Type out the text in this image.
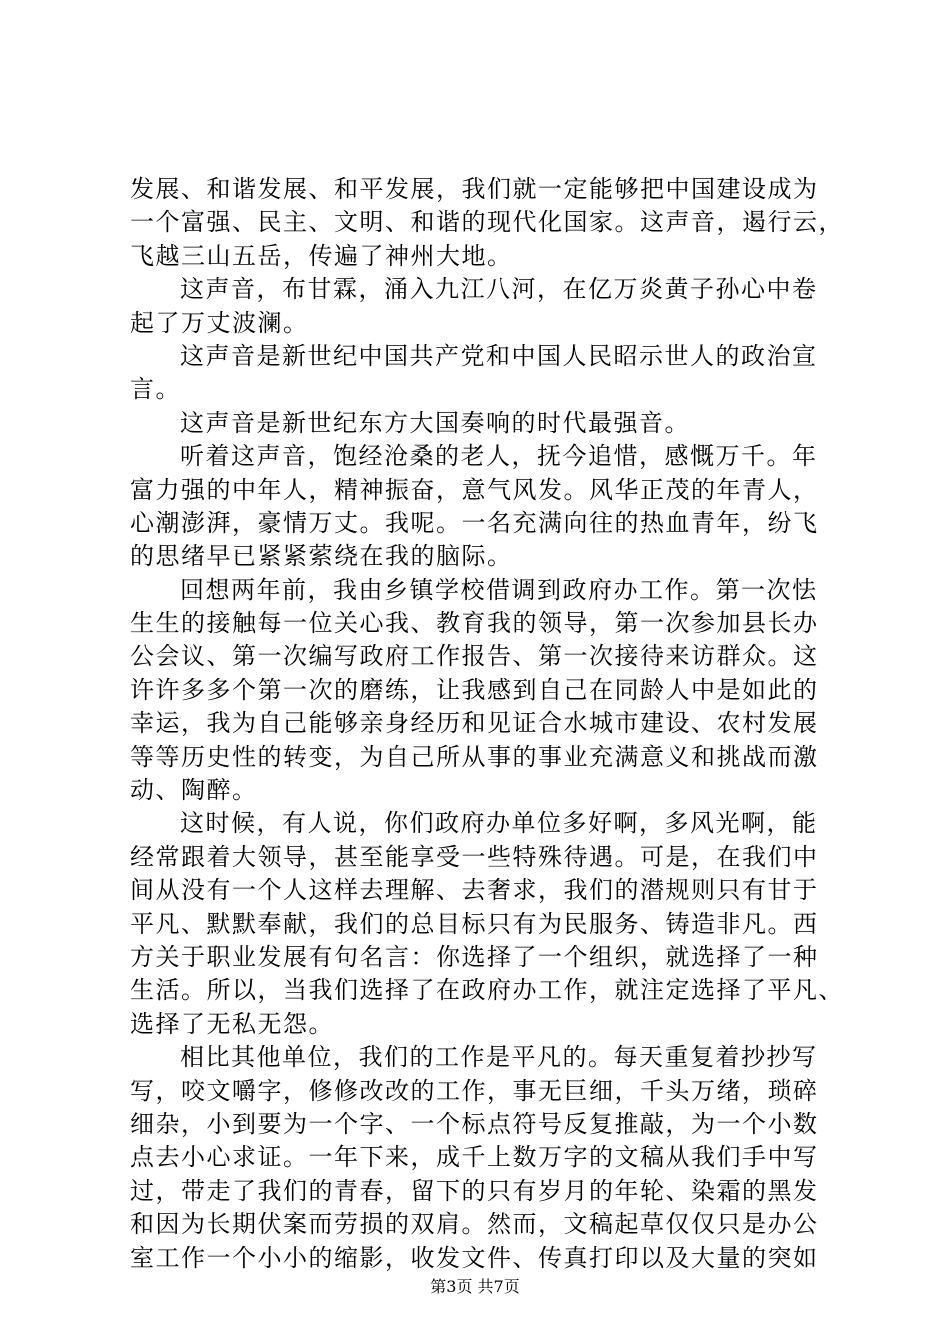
发展、和谐发展、和平发展，我们就一定能够把中国建设成为
一个富强、民主、文明、和谐的现代化国家。这声音，遏行云，
飞越三山五岳，传遍了神州大地。
这声音，布甘霖，涌入九江八河，在亿万炎黄子孙心中卷
起了万丈波澜。
这声音是新世纪中国共产党和中国人民昭示世人的政治宣
言。
这声音是新世纪东方大国奏响的时代最强音。
听着这声音，饱经沧桑的老人，抚今追惜，感慨万千。年
富力强的中年人，精神振奋，意气风发。风华正茂的年青人，
心潮澎湃，豪情万丈。我呢。一名充满向往的热血青年，纷飞
的思绪早已紧紧萦绕在我的脑际。
回想两年前，我由乡镇学校借调到政府办工作。第一次怯
生生的接触每一位关心我、教育我的领导，第一次参加县长办
公会议、第一次编写政府工作报告、第一次接待来访群众。这
许许多多个第一次的磨练，让我感到自己在同龄人中是如此的
幸运，我为自己能够亲身经历和见证合水城市建设、农村发展
等等历史性的转变，为自己所从事的事业充满意义和挑战而激
动、陶醉。
这时候，有人说，你们政府办单位多好啊，多风光啊，能
经常跟着大领导，甚至能享受一些特殊待遇。可是，在我们中
间从没有一个人这样去理解、去奢求，我们的潜规则只有甘于
平凡、默默奉献，我们的总目标只有为民服务、铸造非凡。西
方关于职业发展有句名言：你选择了一个组织，就选择了一种
生活。所以，当我们选择了在政府办工作，就注定选择了平凡、
选择了无私无怨。
相比其他单位，我们的工作是平凡的。每天重复着抄抄写
写，咬文嚼字，修修改改的工作，事无巨细，千头万绪，琐碎
细杂，小到要为一个字、一个标点符号反复推敲，为一个小数
点去小心求证。一年下来，成千上数万字的文稿从我们手中写
过，带走了我们的青春，留下的只有岁月的年轮、染霜的黑发
和因为长期伏案而劳损的双肩。然而，文稿起草仅仅只是办公
室工作一个小小的缩影，收发文件、传真打印以及大量的突如
第3页 共7页
